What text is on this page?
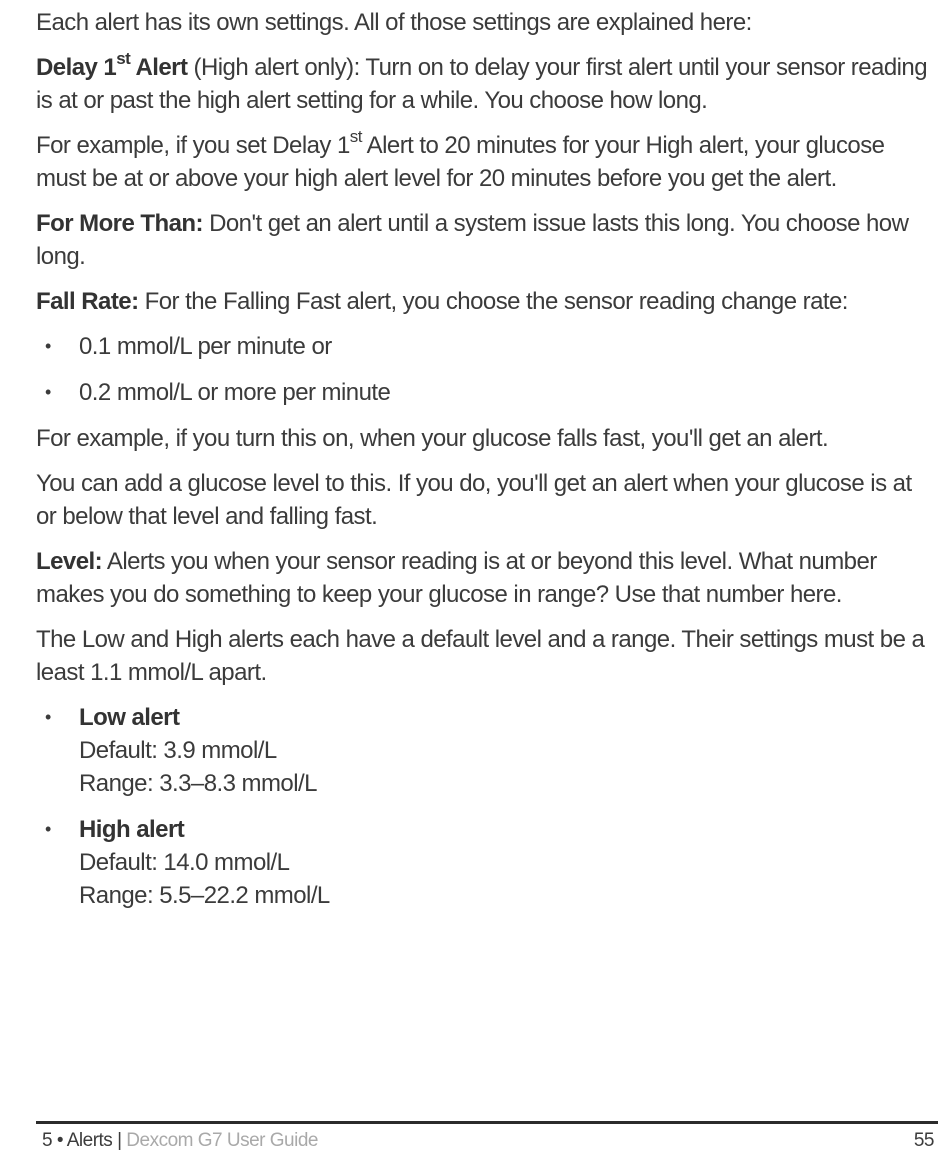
Each alert has its own settings. All of those settings are explained here:

Delay 1st Alert (High alert only): Turn on to delay your first alert until your sensor reading is at or past the high alert setting for a while. You choose how long.

For example, if you set Delay 1st Alert to 20 minutes for your High alert, your glucose must be at or above your high alert level for 20 minutes before you get the alert.

For More Than: Don't get an alert until a system issue lasts this long. You choose how long.

Fall Rate: For the Falling Fast alert, you choose the sensor reading change rate:

• 0.1 mmol/L per minute or
• 0.2 mmol/L or more per minute

For example, if you turn this on, when your glucose falls fast, you'll get an alert.

You can add a glucose level to this. If you do, you'll get an alert when your glucose is at or below that level and falling fast.

Level: Alerts you when your sensor reading is at or beyond this level. What number makes you do something to keep your glucose in range? Use that number here.

The Low and High alerts each have a default level and a range. Their settings must be a least 1.1 mmol/L apart.

• Low alert
Default: 3.9 mmol/L
Range: 3.3–8.3 mmol/L
• High alert
Default: 14.0 mmol/L
Range: 5.5–22.2 mmol/L
5 • Alerts | Dexcom G7 User Guide	55
